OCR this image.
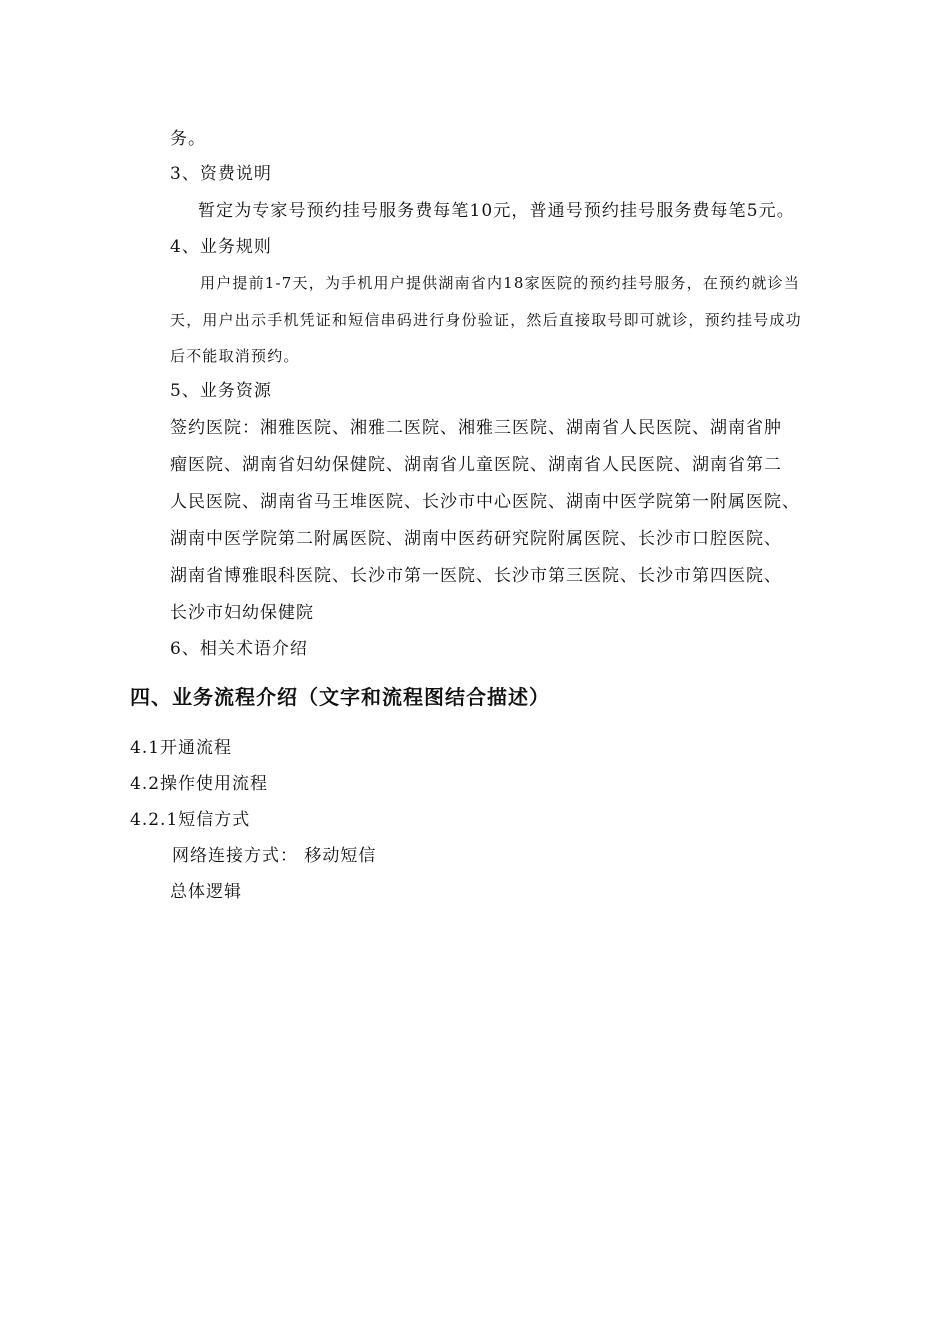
务。
3、资费说明
暂定为专家号预约挂号服务费每笔10元，普通号预约挂号服务费每笔5元。
4、业务规则
用户提前1-7天，为手机用户提供湖南省内18家医院的预约挂号服务，在预约就诊当
天，用户出示手机凭证和短信串码进行身份验证，然后直接取号即可就诊，预约挂号成功
后不能取消预约。
5、业务资源
签约医院：湘雅医院、湘雅二医院、湘雅三医院、湖南省人民医院、湖南省肿
瘤医院、湖南省妇幼保健院、湖南省儿童医院、湖南省人民医院、湖南省第二
人民医院、湖南省马王堆医院、长沙市中心医院、湖南中医学院第一附属医院、
湖南中医学院第二附属医院、湖南中医药研究院附属医院、长沙市口腔医院、
湖南省博雅眼科医院、长沙市第一医院、长沙市第三医院、长沙市第四医院、
长沙市妇幼保健院
6、相关术语介绍
四、业务流程介绍（文字和流程图结合描述）
4.1开通流程
4.2操作使用流程
4.2.1短信方式
网络连接方式： 移动短信
总体逻辑
